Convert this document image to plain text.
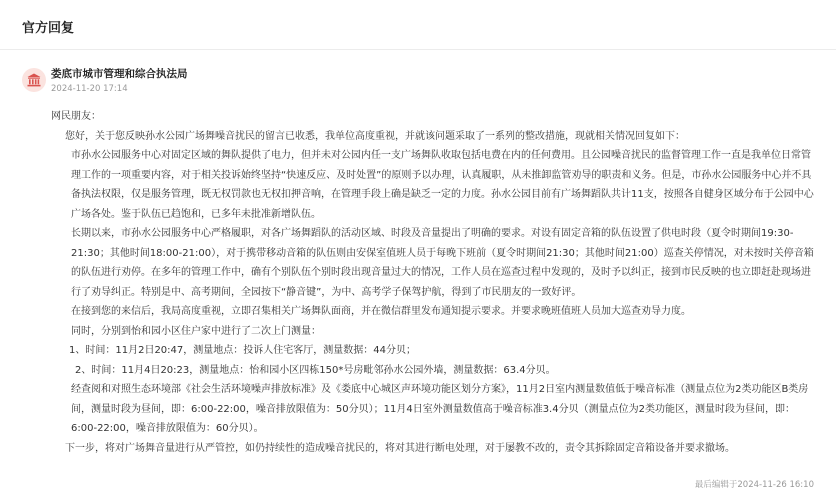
官方回复
娄底市城市管理和综合执法局
2024-11-20 17:14

网民朋友：

您好，关于您反映孙水公园广场舞噪音扰民的留言已收悉，我单位高度重视，并就该问题采取了一系列的整改措施，现就相关情况回复如下：

市孙水公园服务中心对固定区域的舞队提供了电力，但并未对公园内任一支广场舞队收取包括电费在内的任何费用。且公园噪音扰民的监督管理工作一直是我单位日常管理工作的一项重要内容，对于相关投诉始终坚持“快速反应、及时处置”的原则予以办理，认真履职，从未推卸监管劝导的职责和义务。但是，市孙水公园服务中心并不具备执法权限，仅是服务管理，既无权罚款也无权扣押音响，在管理手段上确是缺乏一定的力度。孙水公园目前有广场舞蹈队共计11支，按照各自健身区域分布于公园中心广场各处。鉴于队伍已趋饱和，已多年未批准新增队伍。

长期以来，市孙水公园服务中心严格履职，对各广场舞蹈队的活动区域、时段及音量提出了明确的要求。对设有固定音箱的队伍设置了供电时段（夏令时期间19:30-21:30；其他时间18:00-21:00），对于携带移动音箱的队伍则由安保室值班人员于每晚下班前（夏令时期间21:30；其他时间21:00）巡查关停情况，对未按时关停音箱的队伍进行劝停。在多年的管理工作中，确有个别队伍个别时段出现音量过大的情况，工作人员在巡查过程中发现的，及时予以纠正，接到市民反映的也立即赶赴现场进行了劝导纠正。特别是中、高考期间，全园按下“静音键”，为中、高考学子保驾护航，得到了市民朋友的一致好评。

在接到您的来信后，我局高度重视，立即召集相关广场舞队面商，并在微信群里发布通知提示要求。并要求晚班值班人员加大巡查劝导力度。

同时，分别到怡和园小区住户家中进行了二次上门测量：

1、时间：11月2日20:47，测量地点：投诉人住宅客厅，测量数据：44分贝；

2、时间：11月4日20:23，测量地点：怡和园小区四栋150*号房毗邻孙水公园外墙，测量数据：63.4分贝。

经查阅和对照生态环境部《社会生活环境噪声排放标准》及《娄底中心城区声环境功能区划分方案》，11月2日室内测量数值低于噪音标准（测量点位为2类功能区B类房间，测量时段为昼间，即：6:00-22:00，噪音排放限值为：50分贝）；11月4日室外测量数值高于噪音标准3.4分贝（测量点位为2类功能区，测量时段为昼间，即：6:00-22:00，噪音排放限值为：60分贝）。

下一步，将对广场舞音量进行从严管控，如仍持续性的造成噪音扰民的，将对其进行断电处理，对于屡教不改的，责令其拆除固定音箱设备并要求撤场。

最后编辑于2024-11-26 16:10
